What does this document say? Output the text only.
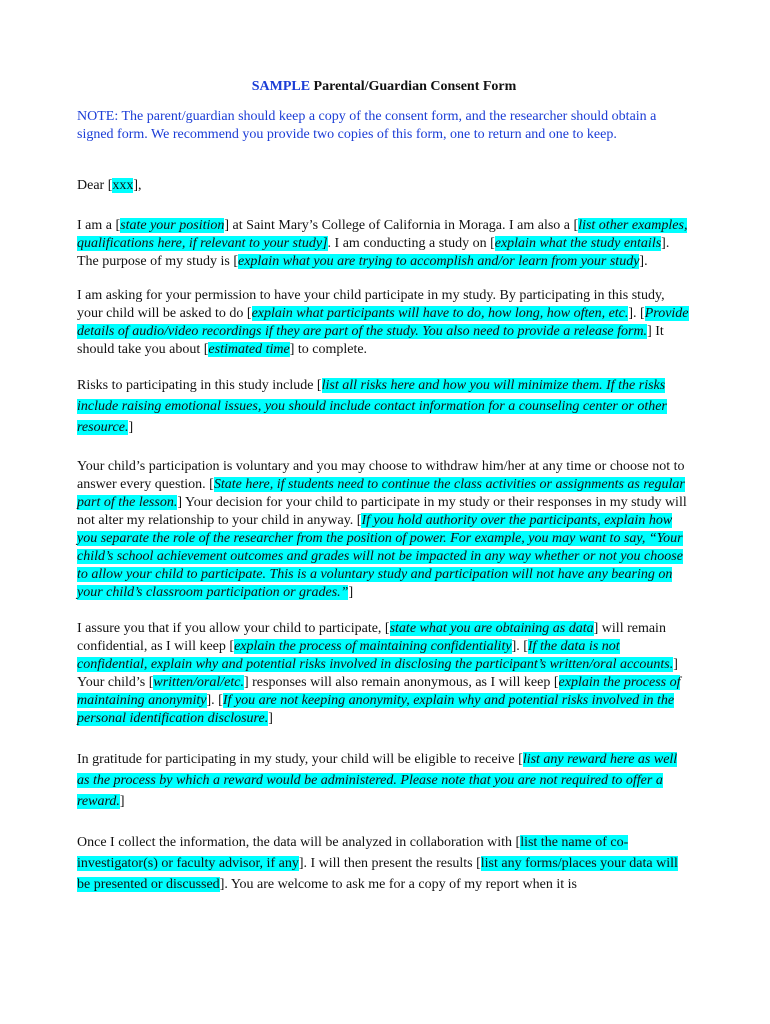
SAMPLE Parental/Guardian Consent Form

NOTE: The parent/guardian should keep a copy of the consent form, and the researcher should obtain a signed form. We recommend you provide two copies of this form, one to return and one to keep.

Dear [xxx],

I am a [state your position] at Saint Mary’s College of California in Moraga. I am also a [list other examples, qualifications here, if relevant to your study]. I am conducting a study on [explain what the study entails]. The purpose of my study is [explain what you are trying to accomplish and/or learn from your study].

I am asking for your permission to have your child participate in my study. By participating in this study, your child will be asked to do [explain what participants will have to do, how long, how often, etc.]. [Provide details of audio/video recordings if they are part of the study. You also need to provide a release form.] It should take you about [estimated time] to complete.

Risks to participating in this study include [list all risks here and how you will minimize them. If the risks include raising emotional issues, you should include contact information for a counseling center or other resource.]

Your child’s participation is voluntary and you may choose to withdraw him/her at any time or choose not to answer every question. [State here, if students need to continue the class activities or assignments as regular part of the lesson.] Your decision for your child to participate in my study or their responses in my study will not alter my relationship to your child in anyway. [If you hold authority over the participants, explain how you separate the role of the researcher from the position of power. For example, you may want to say, “Your child’s school achievement outcomes and grades will not be impacted in any way whether or not you choose to allow your child to participate. This is a voluntary study and participation will not have any bearing on your child’s classroom participation or grades.”]

I assure you that if you allow your child to participate, [state what you are obtaining as data] will remain confidential, as I will keep [explain the process of maintaining confidentiality]. [If the data is not confidential, explain why and potential risks involved in disclosing the participant’s written/oral accounts.] Your child’s [written/oral/etc.] responses will also remain anonymous, as I will keep [explain the process of maintaining anonymity]. [If you are not keeping anonymity, explain why and potential risks involved in the personal identification disclosure.]

In gratitude for participating in my study, your child will be eligible to receive [list any reward here as well as the process by which a reward would be administered. Please note that you are not required to offer a reward.]

Once I collect the information, the data will be analyzed in collaboration with [list the name of co-investigator(s) or faculty advisor, if any]. I will then present the results [list any forms/places your data will be presented or discussed]. You are welcome to ask me for a copy of my report when it is
